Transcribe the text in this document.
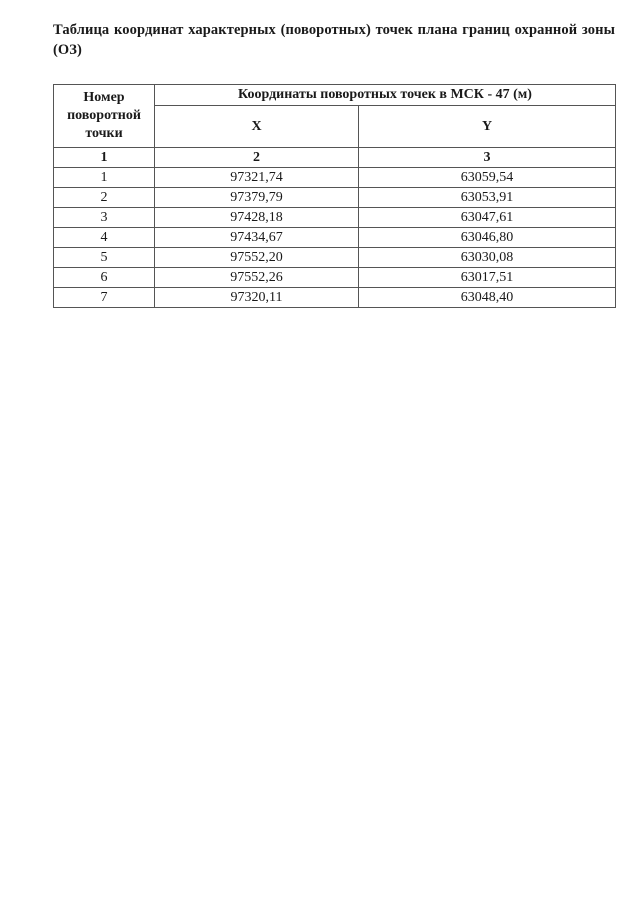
Таблица координат характерных (поворотных) точек плана границ охранной зоны (ОЗ)
Номер
поворотной
точки	Координаты поворотных точек в МСК - 47 (м)	
	X	Y
1	2	3
1	97321,74	63059,54
2	97379,79	63053,91
3	97428,18	63047,61
4	97434,67	63046,80
5	97552,20	63030,08
6	97552,26	63017,51
7	97320,11	63048,40
